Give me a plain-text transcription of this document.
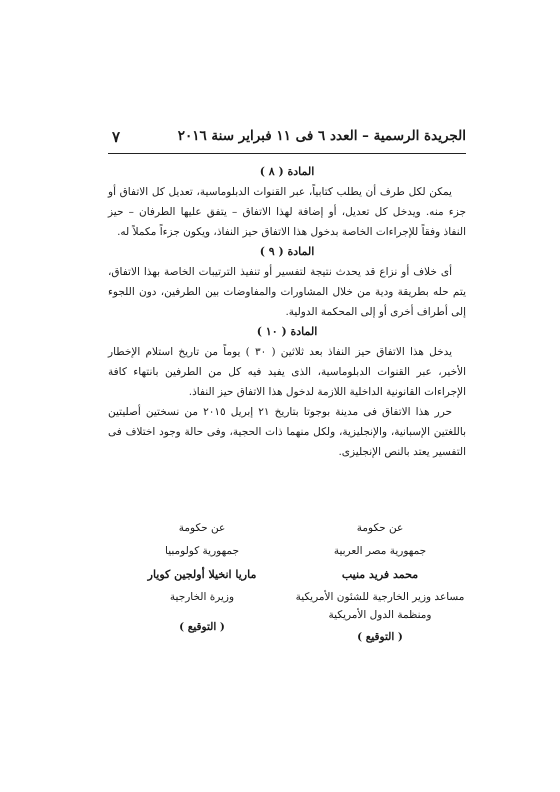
٧	الجريدة الرسمية – العدد ٦ فى ١١ فبراير سنة ٢٠١٦
المادة ( ٨ )

يمكن لكل طرف أن يطلب كتابياً، عبر القنوات الدبلوماسية، تعديل كل الاتفاق أو جزء منه. ويدخل كل تعديل، أو إضافة لهذا الاتفاق – يتفق عليها الطرفان – حيز النفاذ وفقاً للإجراءات الخاصة بدخول هذا الاتفاق حيز النفاذ، ويكون جزءاً مكملاً له.

المادة ( ٩ )

أى خلاف أو نزاع قد يحدث نتيجة لتفسير أو تنفيذ الترتيبات الخاصة بهذا الاتفاق، يتم حله بطريقة ودية من خلال المشاورات والمفاوضات بين الطرفين، دون اللجوء إلى أطراف أخرى أو إلى المحكمة الدولية.

المادة ( ١٠ )

يدخل هذا الاتفاق حيز النفاذ بعد ثلاثين ( ٣٠ ) يوماً من تاريخ استلام الإخطار الأخير، عبر القنوات الدبلوماسية، الذى يفيد فيه كل من الطرفين بانتهاء كافة الإجراءات القانونية الداخلية اللازمة لدخول هذا الاتفاق حيز النفاذ.

حرر هذا الاتفاق فى مدينة بوجوتا بتاريخ ٢١ إبريل ٢٠١٥ من نسختين أصليتين باللغتين الإسبانية، والإنجليزية، ولكل منهما ذات الحجية، وفى حالة وجود اختلاف فى التفسير يعتد بالنص الإنجليزى.

عن حكومة
جمهورية مصر العربية
محمد فريد منيب
مساعد وزير الخارجية للشئون الأمريكية
ومنظمة الدول الأمريكية
( التوقيع )
عن حكومة
جمهورية كولومبيا
ماريا انخيلا أولجين كويار
وزيرة الخارجية
( التوقيع )
